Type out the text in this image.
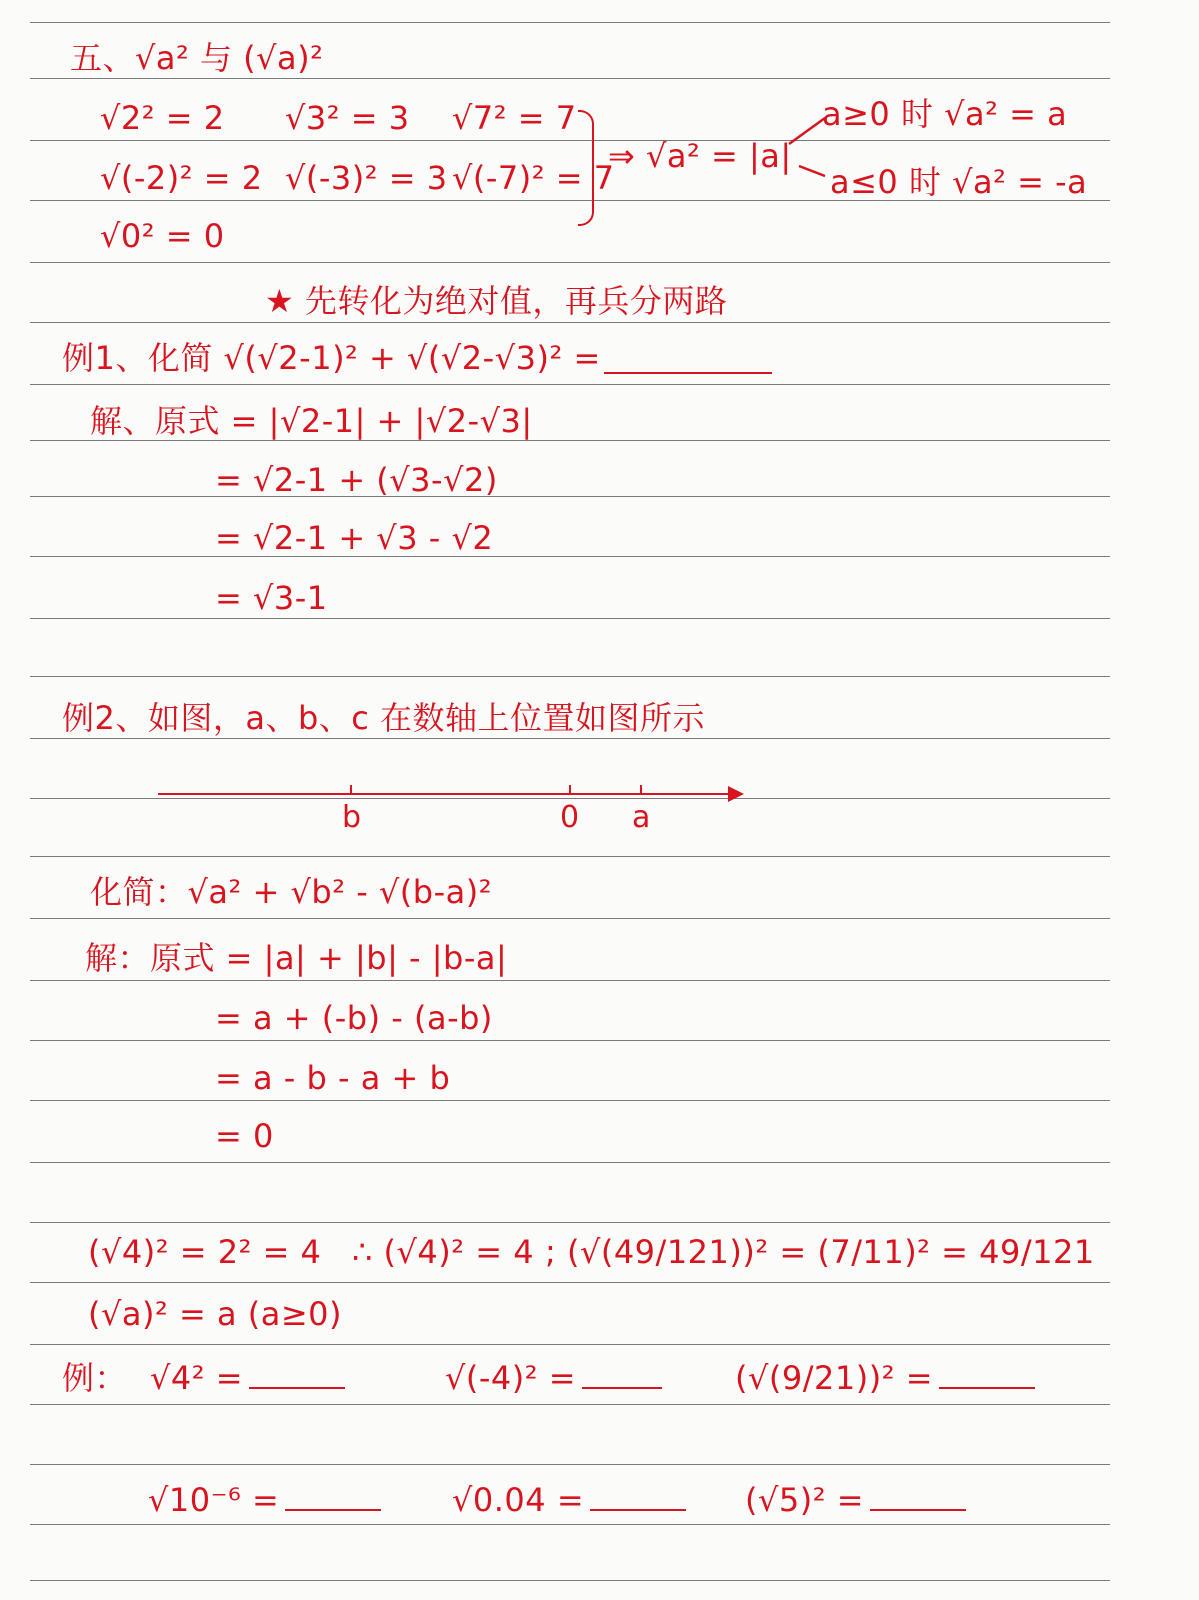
五、√a² 与 (√a)²
√2² = 2 √3² = 3 √7² = 7
√(-2)² = 2 √(-3)² = 3 √(-7)² = 7
√0² = 0
⇒ √a² = |a|
a≥0 时 √a² = a
a≤0 时 √a² = -a
★ 先转化为绝对值，再兵分两路
例1、化简 √(√2-1)² + √(√2-√3)² =
解、原式 = |√2-1| + |√2-√3|
= √2-1 + (√3-√2)
= √2-1 + √3 - √2
= √3-1
例2、如图，a、b、c 在数轴上位置如图所示
b	0 a
化简：√a² + √b² - √(b-a)²
解：原式 = |a| + |b| - |b-a|
= a + (-b) - (a-b)
= a - b - a + b
= 0
(√4)² = 2² = 4 ∴ (√4)² = 4 ; (√(49/121))² = (7/11)² = 49/121
(√a)² = a (a≥0)
例： √4² =	√(-4)² =	(√(9/21))² =
√10⁻⁶ =	√0.04 =	(√5)² =
